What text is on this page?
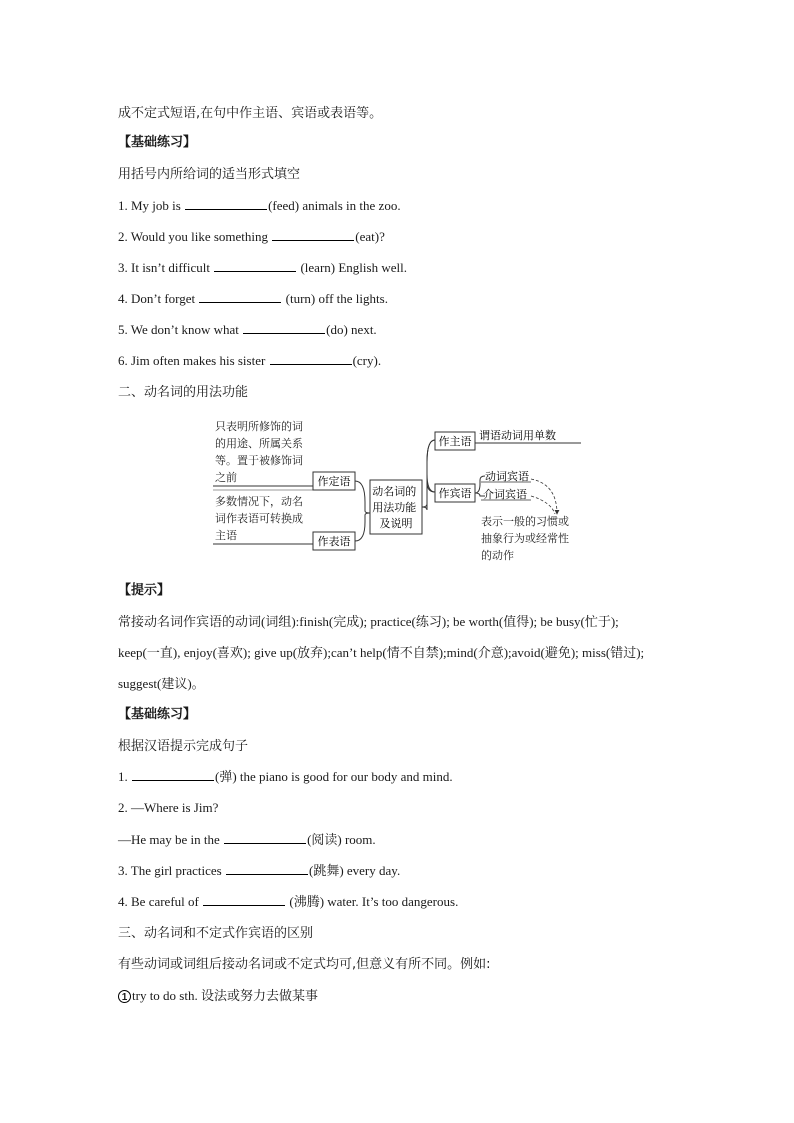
成不定式短语,在句中作主语、宾语或表语等。
【基础练习】
用括号内所给词的适当形式填空
1. My job is	(feed) animals in the zoo.
2. Would you like something	(eat)?
3. It isn’t difficult	(learn) English well.
4. Don’t forget	(turn) off the lights.
5. We don’t know what	(do) next.
6. Jim often makes his sister	(cry).
二、动名词的用法功能
只表明所修饰的词 的用途、所属关系 等。置于被修饰词 之前
多数情况下，动名 词作表语可转换成 主语
作定语
作表语
动名词的 用法功能 及说明
作主语 谓语动词用单数
作宾语
动词宾语
介词宾语
表示一般的习惯或 抽象行为或经常性 的动作
【提示】
常接动名词作宾语的动词(词组):finish(完成); practice(练习); be worth(值得); be busy(忙于);
keep(一直), enjoy(喜欢); give up(放弃);can’t help(情不自禁);mind(介意);avoid(避免); miss(错过);
suggest(建议)。
【基础练习】
根据汉语提示完成句子
1.	(弹) the piano is good for our body and mind.
2. —Where is Jim?
—He may be in the	(阅读) room.
3. The girl practices	(跳舞) every day.
4. Be careful of	(沸腾) water. It’s too dangerous.
三、动名词和不定式作宾语的区别
有些动词或词组后接动名词或不定式均可,但意义有所不同。例如:
1 try to do sth. 设法或努力去做某事
